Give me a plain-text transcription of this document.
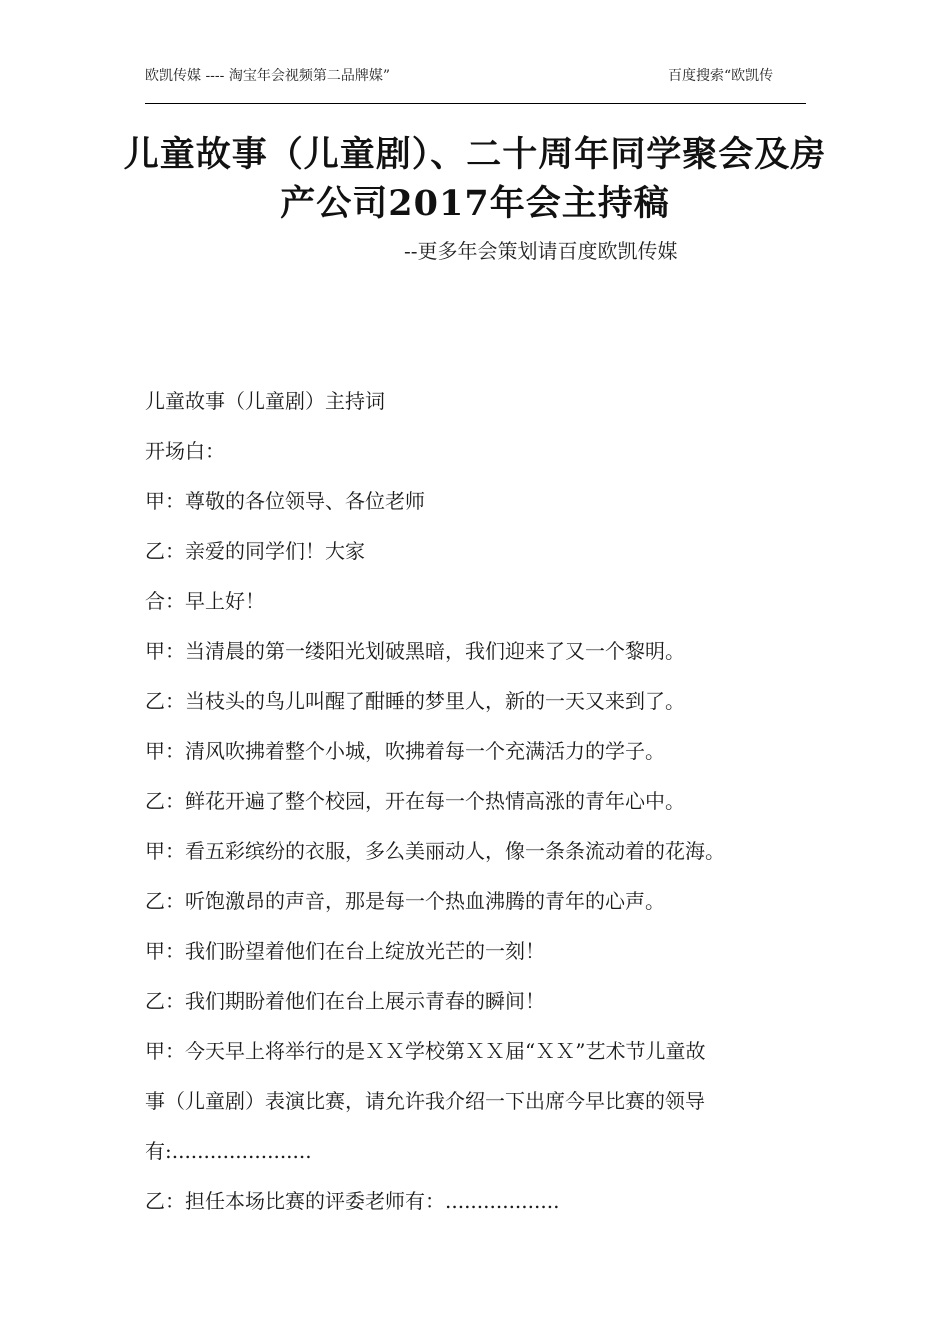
欧凯传媒 ---- 淘宝年会视频第二品牌媒”	百度搜索“欧凯传
儿童故事（儿童剧）、二十周年同学聚会及房产公司2017年会主持稿
--更多年会策划请百度欧凯传媒
儿童故事（儿童剧）主持词
开场白：
甲：尊敬的各位领导、各位老师
乙：亲爱的同学们！大家
合：早上好！
甲：当清晨的第一缕阳光划破黑暗，我们迎来了又一个黎明。
乙：当枝头的鸟儿叫醒了酣睡的梦里人，新的一天又来到了。
甲：清风吹拂着整个小城，吹拂着每一个充满活力的学子。
乙：鲜花开遍了整个校园，开在每一个热情高涨的青年心中。
甲：看五彩缤纷的衣服，多么美丽动人，像一条条流动着的花海。
乙：听饱激昂的声音，那是每一个热血沸腾的青年的心声。
甲：我们盼望着他们在台上绽放光芒的一刻！
乙：我们期盼着他们在台上展示青春的瞬间！
甲：今天早上将举行的是ＸＸ学校第ＸＸ届“ＸＸ”艺术节儿童故
事（儿童剧）表演比赛，请允许我介绍一下出席今早比赛的领导
有:......................
乙：担任本场比赛的评委老师有：..................
